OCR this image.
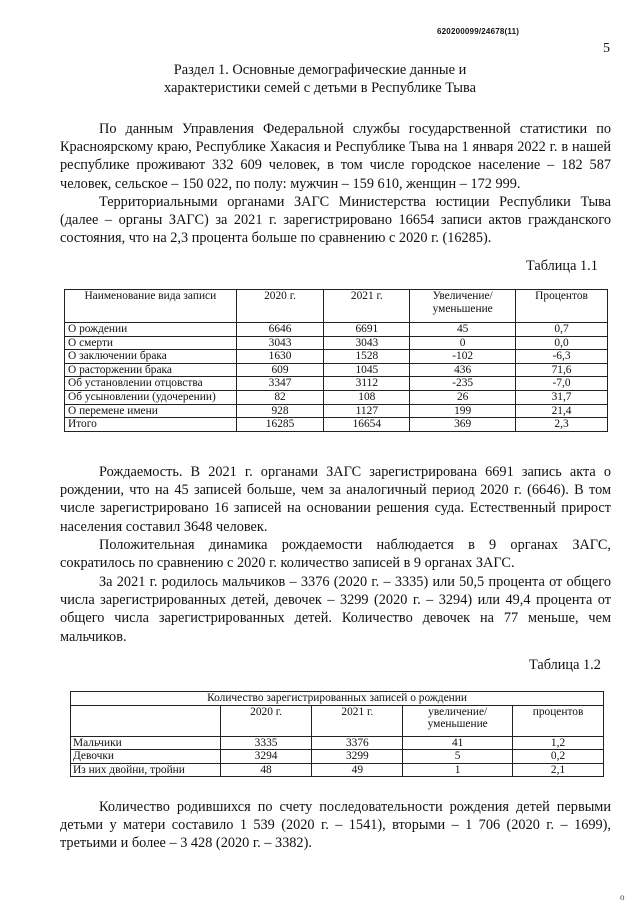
620200099/24678(11)
5
Раздел 1. Основные демографические данные и
характеристики семей с детьми в Республике Тыва

По данным Управления Федеральной службы государственной статистики по Красноярскому краю, Республике Хакасия и Республике Тыва на 1 января 2022 г. в нашей республике проживают 332 609 человек, в том числе городское население – 182 587 человек, сельское – 150 022, по полу: мужчин – 159 610, женщин – 172 999.

Территориальными органами ЗАГС Министерства юстиции Республики Тыва (далее – органы ЗАГС) за 2021 г. зарегистрировано 16654 записи актов гражданского состояния, что на 2,3 процента больше по сравнению с 2020 г. (16285).

Таблица 1.1
Наименование вида записи	2020 г.	2021 г.	Увеличение/ уменьшение	Процентов
О рождении	6646	6691	45	0,7
О смерти	3043	3043	0	0,0
О заключении брака	1630	1528	-102	-6,3
О расторжении брака	609	1045	436	71,6
Об установлении отцовства	3347	3112	-235	-7,0
Об усыновлении (удочерении)	82	108	26	31,7
О перемене имени	928	1127	199	21,4
Итого	16285	16654	369	2,3

Рождаемость. В 2021 г. органами ЗАГС зарегистрирована 6691 запись акта о рождении, что на 45 записей больше, чем за аналогичный период 2020 г. (6646). В том числе зарегистрировано 16 записей на основании решения суда. Естественный прирост населения составил 3648 человек.

Положительная динамика рождаемости наблюдается в 9 органах ЗАГС, сократилось по сравнению с 2020 г. количество записей в 9 органах ЗАГС.

За 2021 г. родилось мальчиков – 3376 (2020 г. – 3335) или 50,5 процента от общего числа зарегистрированных детей, девочек – 3299 (2020 г. – 3294) или 49,4 процента от общего числа зарегистрированных детей. Количество девочек на 77 меньше, чем мальчиков.

Таблица 1.2
Количество зарегистрированных записей о рождении				
	2020 г.	2021 г.	увеличение/ уменьшение	процентов
Мальчики	3335	3376	41	1,2
Девочки	3294	3299	5	0,2
Из них двойни, тройни	48	49	1	2,1

Количество родившихся по счету последовательности рождения детей первыми детьми у матери составило 1 539 (2020 г. – 1541), вторыми – 1 706 (2020 г. – 1699), третьими и более – 3 428 (2020 г. – 3382).

о
